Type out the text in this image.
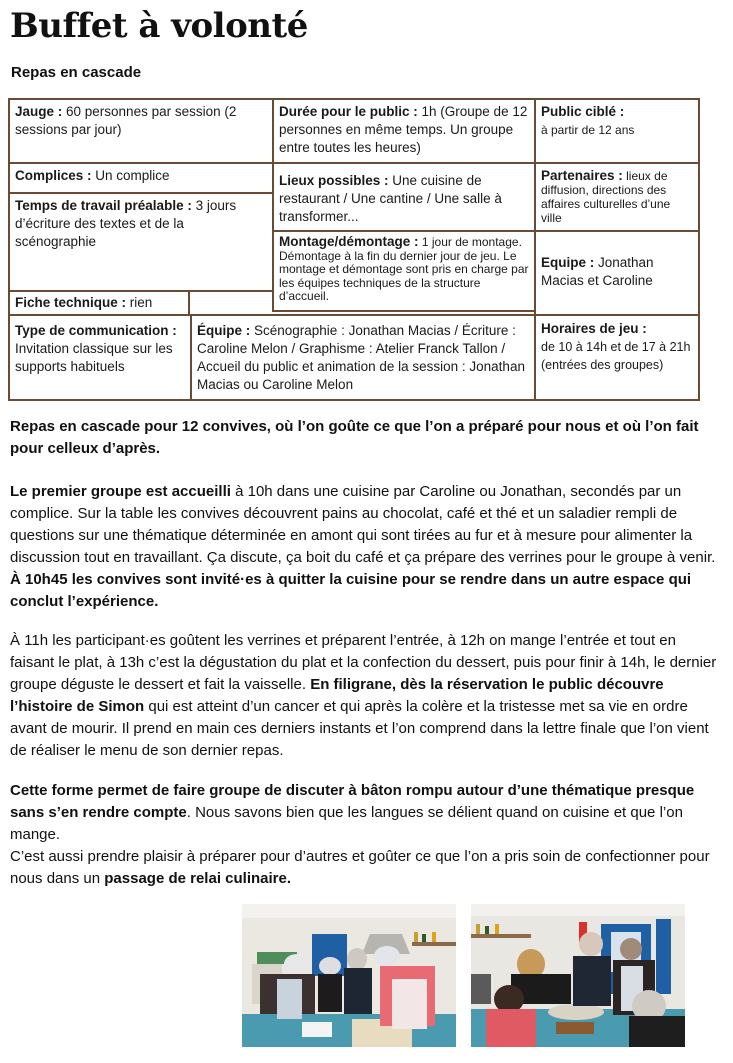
Buffet à volonté
Repas en cascade
Jauge : 60 personnes par session (2 sessions par jour)
Durée pour le public : 1h (Groupe de 12 personnes en même temps. Un groupe entre toutes les heures)
Public ciblé :
à partir de 12 ans
Complices : Un complice	Lieux possibles : Une cuisine de restaurant / Une cantine / Une salle à transformer...
Partenaires : lieux de diffusion, directions des affaires culturelles d’une ville
Temps de travail préalable : 3 jours d’écriture des textes et de la scénographie	Montage/démontage : 1 jour de montage. Démontage à la fin du dernier jour de jeu. Le montage et démontage sont pris en charge par les équipes techniques de la structure d’accueil.
Equipe : Jonathan Macias et Caroline
Fiche technique : rien
Type de communication :
Invitation classique sur les supports habituels
Équipe : Scénographie : Jonathan Macias / Écriture : Caroline Melon / Graphisme : Atelier Franck Tallon / Accueil du public et animation de la session : Jonathan Macias ou Caroline Melon
Horaires de jeu :
de 10 à 14h et de 17 à 21h (entrées des groupes)

Repas en cascade pour 12 convives, où l’on goûte ce que l’on a préparé pour nous et où l’on fait pour celleux d’après.

Le premier groupe est accueilli à 10h dans une cuisine par Caroline ou Jonathan, secondés par un complice. Sur la table les convives découvrent pains au chocolat, café et thé et un saladier rempli de questions sur une thématique déterminée en amont qui sont tirées au fur et à mesure pour alimenter la discussion tout en travaillant. Ça discute, ça boit du café et ça prépare des verrines pour le groupe à venir. À 10h45 les convives sont invité·es à quitter la cuisine pour se rendre dans un autre espace qui conclut l’expérience.

À 11h les participant·es goûtent les verrines et préparent l’entrée, à 12h on mange l’entrée et tout en faisant le plat, à 13h c’est la dégustation du plat et la confection du dessert, puis pour finir à 14h, le dernier groupe déguste le dessert et fait la vaisselle. En filigrane, dès la réservation le public découvre l’histoire de Simon qui est atteint d’un cancer et qui après la colère et la tristesse met sa vie en ordre avant de mourir. Il prend en main ces derniers instants et l’on comprend dans la lettre finale que l’on vient de réaliser le menu de son dernier repas.

Cette forme permet de faire groupe de discuter à bâton rompu autour d’une thématique presque sans s’en rendre compte. Nous savons bien que les langues se délient quand on cuisine et que l’on mange.
C’est aussi prendre plaisir à préparer pour d’autres et goûter ce que l’on a pris soin de confectionner pour nous dans un passage de relai culinaire.
